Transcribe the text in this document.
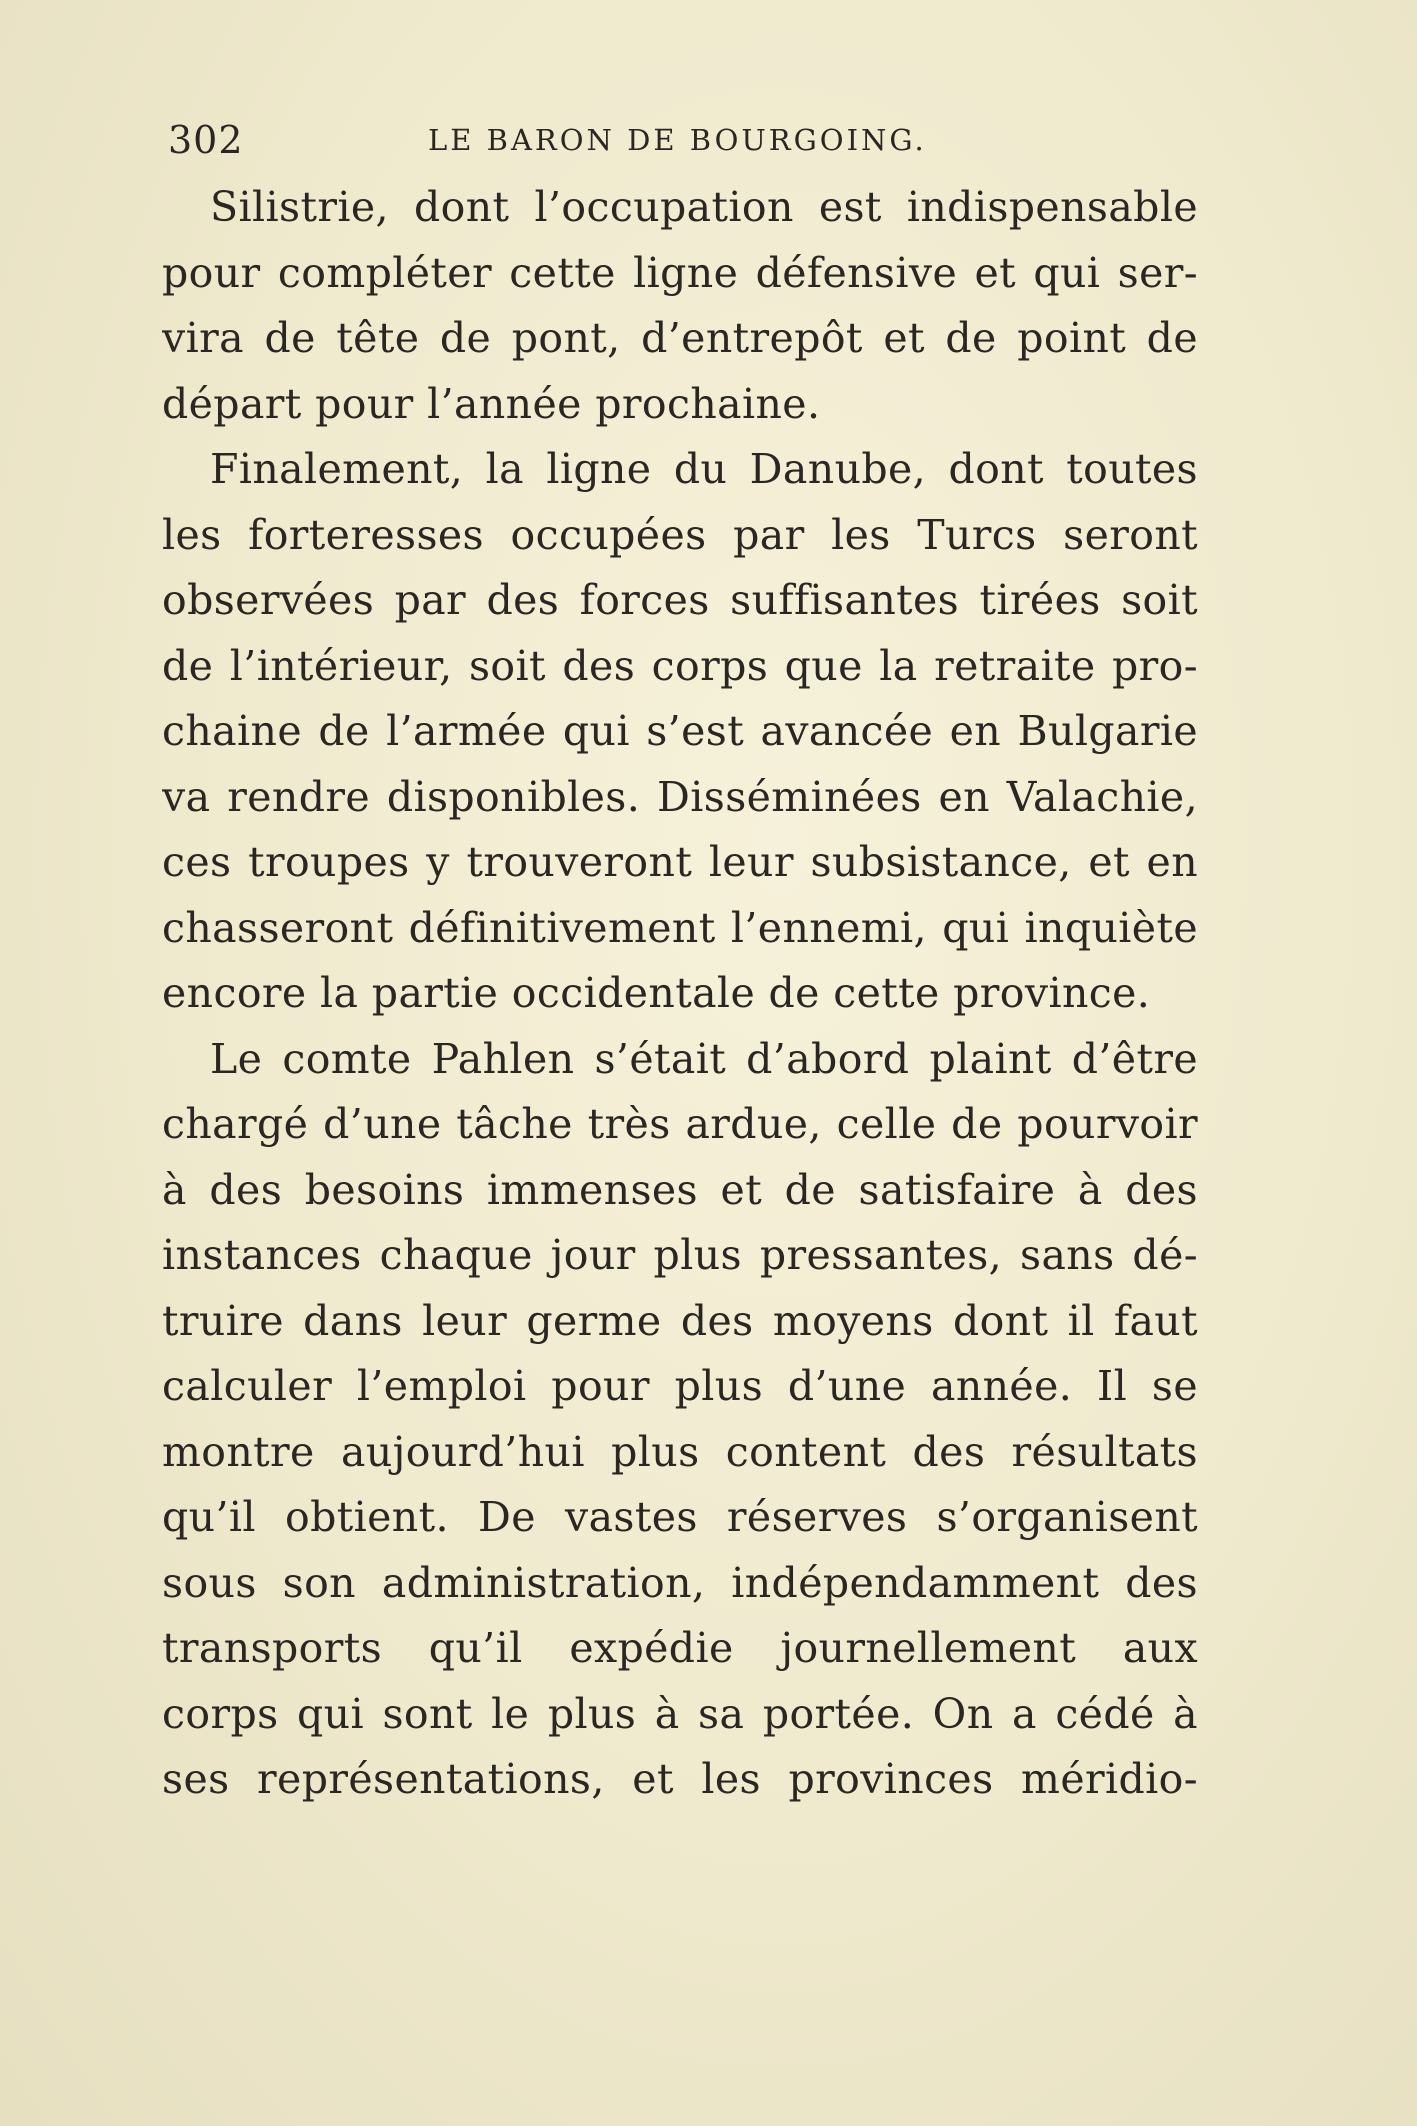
302	LE BARON DE BOURGOING.
Silistrie, dont l’occupation est indispensable
pour compléter cette ligne défensive et qui ser-
vira de tête de pont, d’entrepôt et de point de
départ pour l’année prochaine.
Finalement, la ligne du Danube, dont toutes
les forteresses occupées par les Turcs seront
observées par des forces suffisantes tirées soit
de l’intérieur, soit des corps que la retraite pro-
chaine de l’armée qui s’est avancée en Bulgarie
va rendre disponibles. Disséminées en Valachie,
ces troupes y trouveront leur subsistance, et en
chasseront définitivement l’ennemi, qui inquiète
encore la partie occidentale de cette province.
Le comte Pahlen s’était d’abord plaint d’être
chargé d’une tâche très ardue, celle de pourvoir
à des besoins immenses et de satisfaire à des
instances chaque jour plus pressantes, sans dé-
truire dans leur germe des moyens dont il faut
calculer l’emploi pour plus d’une année. Il se
montre aujourd’hui plus content des résultats
qu’il obtient. De vastes réserves s’organisent
sous son administration, indépendamment des
transports qu’il expédie journellement aux
corps qui sont le plus à sa portée. On a cédé à
ses représentations, et les provinces méridio-
